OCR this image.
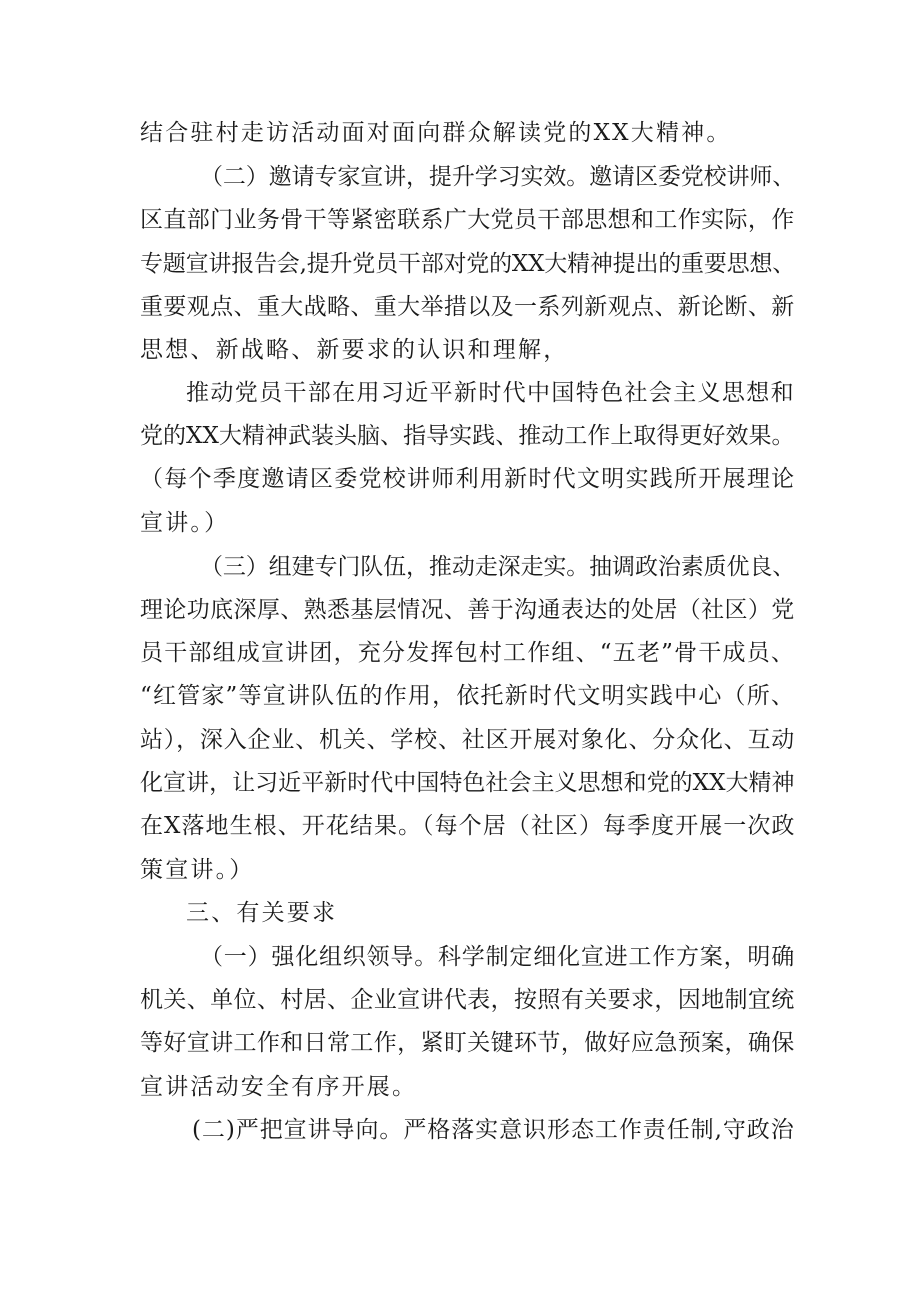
结合驻村走访活动面对面向群众解读党的XX大精神。
（二）邀请专家宣讲，提升学习实效。邀请区委党校讲师、
区直部门业务骨干等紧密联系广大党员干部思想和工作实际，作
专题宣讲报告会,提升党员干部对党的XX大精神提出的重要思想、
重要观点、重大战略、重大举措以及一系列新观点、新论断、新
思想、新战略、新要求的认识和理解，
推动党员干部在用习近平新时代中国特色社会主义思想和
党的XX大精神武装头脑、指导实践、推动工作上取得更好效果。
（每个季度邀请区委党校讲师利用新时代文明实践所开展理论
宣讲。）
（三）组建专门队伍，推动走深走实。抽调政治素质优良、
理论功底深厚、熟悉基层情况、善于沟通表达的处居（社区）党
员干部组成宣讲团，充分发挥包村工作组、“五老”骨干成员、
“红管家”等宣讲队伍的作用，依托新时代文明实践中心（所、
站），深入企业、机关、学校、社区开展对象化、分众化、互动
化宣讲，让习近平新时代中国特色社会主义思想和党的XX大精神
在X落地生根、开花结果。（每个居（社区）每季度开展一次政
策宣讲。）
三、有关要求
（一）强化组织领导。科学制定细化宣进工作方案，明确
机关、单位、村居、企业宣讲代表，按照有关要求，因地制宜统
等好宣讲工作和日常工作，紧盯关键环节，做好应急预案，确保
宣讲活动安全有序开展。
(二)严把宣讲导向。严格落实意识形态工作责任制,守政治
